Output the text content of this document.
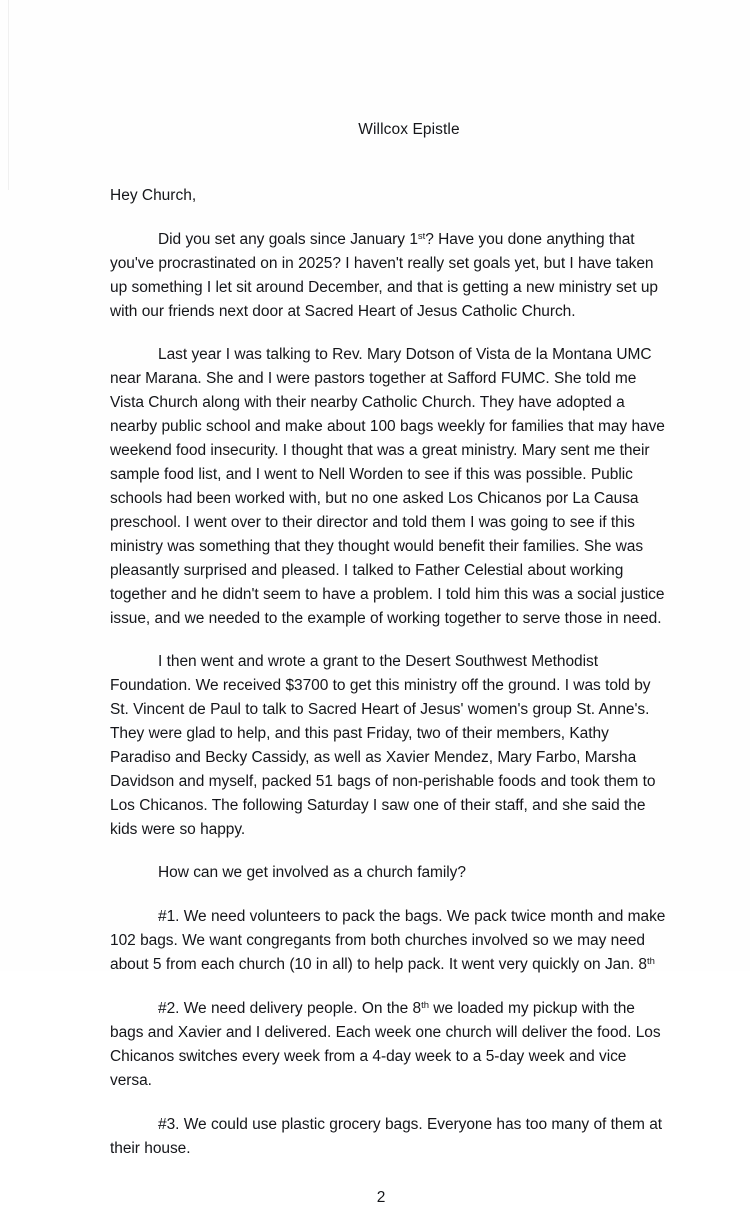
Willcox Epistle

Hey Church,

Did you set any goals since January 1st? Have you done anything that you've procrastinated on in 2025? I haven't really set goals yet, but I have taken up something I let sit around December, and that is getting a new ministry set up with our friends next door at Sacred Heart of Jesus Catholic Church.

Last year I was talking to Rev. Mary Dotson of Vista de la Montana UMC near Marana. She and I were pastors together at Safford FUMC. She told me Vista Church along with their nearby Catholic Church. They have adopted a nearby public school and make about 100 bags weekly for families that may have weekend food insecurity. I thought that was a great ministry. Mary sent me their sample food list, and I went to Nell Worden to see if this was possible. Public schools had been worked with, but no one asked Los Chicanos por La Causa preschool. I went over to their director and told them I was going to see if this ministry was something that they thought would benefit their families. She was pleasantly surprised and pleased. I talked to Father Celestial about working together and he didn't seem to have a problem. I told him this was a social justice issue, and we needed to the example of working together to serve those in need.

I then went and wrote a grant to the Desert Southwest Methodist Foundation. We received $3700 to get this ministry off the ground. I was told by St. Vincent de Paul to talk to Sacred Heart of Jesus' women's group St. Anne's. They were glad to help, and this past Friday, two of their members, Kathy Paradiso and Becky Cassidy, as well as Xavier Mendez, Mary Farbo, Marsha Davidson and myself, packed 51 bags of non-perishable foods and took them to Los Chicanos. The following Saturday I saw one of their staff, and she said the kids were so happy.

How can we get involved as a church family?

#1. We need volunteers to pack the bags. We pack twice month and make 102 bags. We want congregants from both churches involved so we may need about 5 from each church (10 in all) to help pack. It went very quickly on Jan. 8th

#2. We need delivery people. On the 8th we loaded my pickup with the bags and Xavier and I delivered. Each week one church will deliver the food. Los Chicanos switches every week from a 4-day week to a 5-day week and vice versa.

#3. We could use plastic grocery bags. Everyone has too many of them at their house.

2
